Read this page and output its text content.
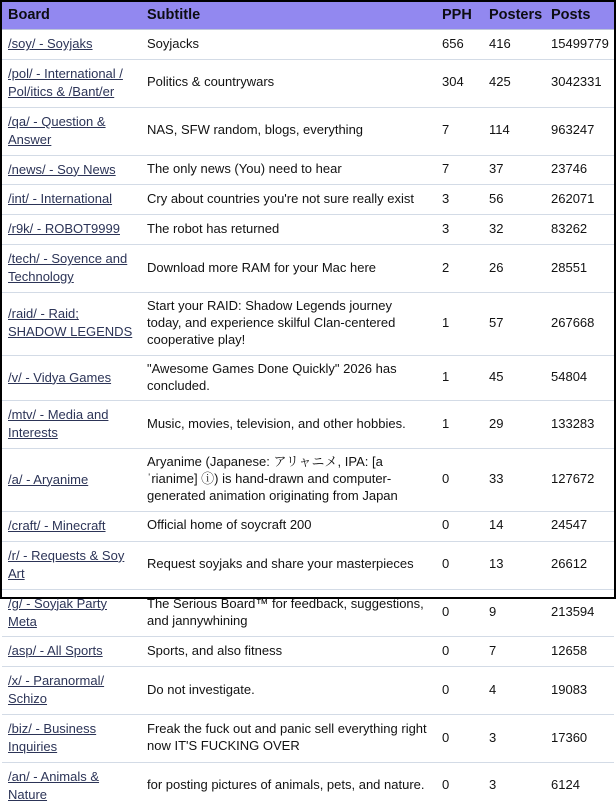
Board	Subtitle	PPH	Posters	Posts
/soy/ - Soyjaks	Soyjacks	656	416	15499779
/pol/ - International / Pol/itics & /Bant/er	Politics & countrywars	304	425	3042331
/qa/ - Question & Answer	NAS, SFW random, blogs, everything	7	114	963247
/news/ - Soy News	The only news (You) need to hear	7	37	23746
/int/ - International	Cry about countries you're not sure really exist	3	56	262071
/r9k/ - ROBOT9999	The robot has returned	3	32	83262
/tech/ - Soyence and Technology	Download more RAM for your Mac here	2	26	28551
/raid/ - Raid; SHADOW LEGENDS	Start your RAID: Shadow Legends journey today, and experience skilful Clan-centered cooperative play!	1	57	267668
/v/ - Vidya Games	"Awesome Games Done Quickly" 2026 has concluded.	1	45	54804
/mtv/ - Media and Interests	Music, movies, television, and other hobbies.	1	29	133283
/a/ - Aryanime	Aryanime (Japanese: アリャニメ, IPA: [aˈrianime] ⓘ) is hand-drawn and computer-generated animation originating from Japan	0	33	127672
/craft/ - Minecraft	Official home of soycraft 200	0	14	24547
/r/ - Requests & Soy Art	Request soyjaks and share your masterpieces	0	13	26612
/g/ - Soyjak Party Meta	The Serious Board™ for feedback, suggestions, and jannywhining	0	9	213594
/asp/ - All Sports	Sports, and also fitness	0	7	12658
/x/ - Paranormal/ Schizo	Do not investigate.	0	4	19083
/biz/ - Business Inquiries	Freak the fuck out and panic sell everything right now IT'S FUCKING OVER	0	3	17360
/an/ - Animals & Nature	for posting pictures of animals, pets, and nature.	0	3	6124
